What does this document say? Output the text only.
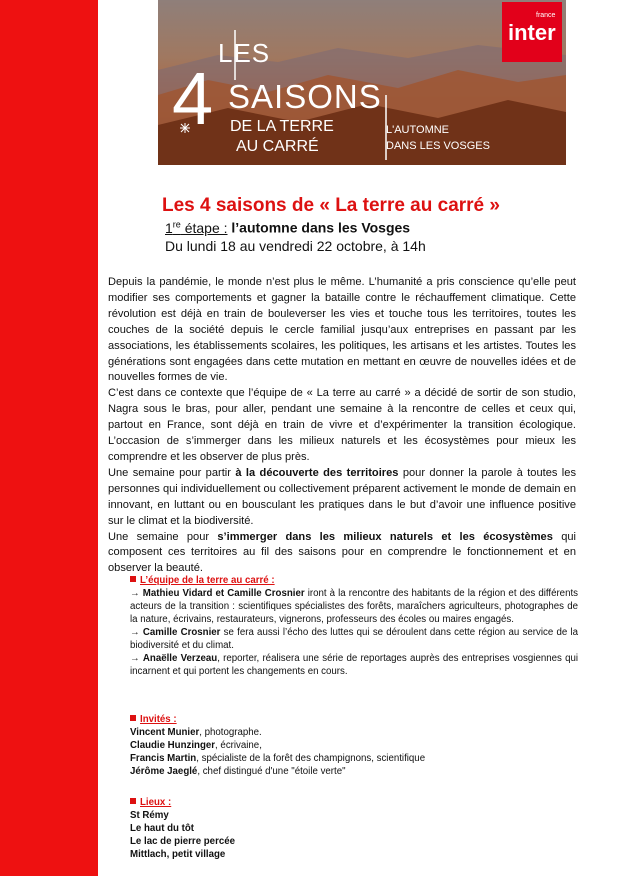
LES
4 SAISONS
DE LA TERRE
AU CARRÉ
L'AUTOMNE
DANS LES VOSGES
france
inter
Les 4 saisons de « La terre au carré »
1re étape : l’automne dans les Vosges
Du lundi 18 au vendredi 22 octobre, à 14h

Depuis la pandémie, le monde n’est plus le même. L’humanité a pris conscience qu’elle peut modifier ses comportements et gagner la bataille contre le réchauffement climatique. Cette révolution est déjà en train de bouleverser les vies et touche tous les territoires, toutes les couches de la société depuis le cercle familial jusqu’aux entreprises en passant par les associations, les établissements scolaires, les politiques, les artisans et les artistes. Toutes les générations sont engagées dans cette mutation en mettant en œuvre de nouvelles idées et de nouvelles formes de vie.

C’est dans ce contexte que l’équipe de « La terre au carré » a décidé de sortir de son studio, Nagra sous le bras, pour aller, pendant une semaine à la rencontre de celles et ceux qui, partout en France, sont déjà en train de vivre et d’expérimenter la transition écologique. L’occasion de s’immerger dans les milieux naturels et les écosystèmes pour mieux les comprendre et les observer de plus près.

Une semaine pour partir à la découverte des territoires pour donner la parole à toutes les personnes qui individuellement ou collectivement préparent activement le monde de demain en innovant, en luttant ou en bousculant les pratiques dans le but d’avoir une influence positive sur le climat et la biodiversité.

Une semaine pour s’immerger dans les milieux naturels et les écosystèmes qui composent ces territoires au fil des saisons pour en comprendre le fonctionnement et en observer la beauté.

L’équipe de la terre au carré :

→ Mathieu Vidard et Camille Crosnier iront à la rencontre des habitants de la région et des différents acteurs de la transition : scientifiques spécialistes des forêts, maraîchers agriculteurs, photographes de la nature, écrivains, restaurateurs, vignerons, professeurs des écoles ou maires engagés.

→ Camille Crosnier se fera aussi l’écho des luttes qui se déroulent dans cette région au service de la biodiversité et du climat.

→ Anaëlle Verzeau, reporter, réalisera une série de reportages auprès des entreprises vosgiennes qui incarnent et qui portent les changements en cours.

Invités :
Vincent Munier, photographe.
Claudie Hunzinger, écrivaine,
Francis Martin, spécialiste de la forêt des champignons, scientifique
Jérôme Jaeglé, chef distingué d'une "étoile verte"
Lieux :
St Rémy
Le haut du tôt
Le lac de pierre percée
Mittlach, petit village
